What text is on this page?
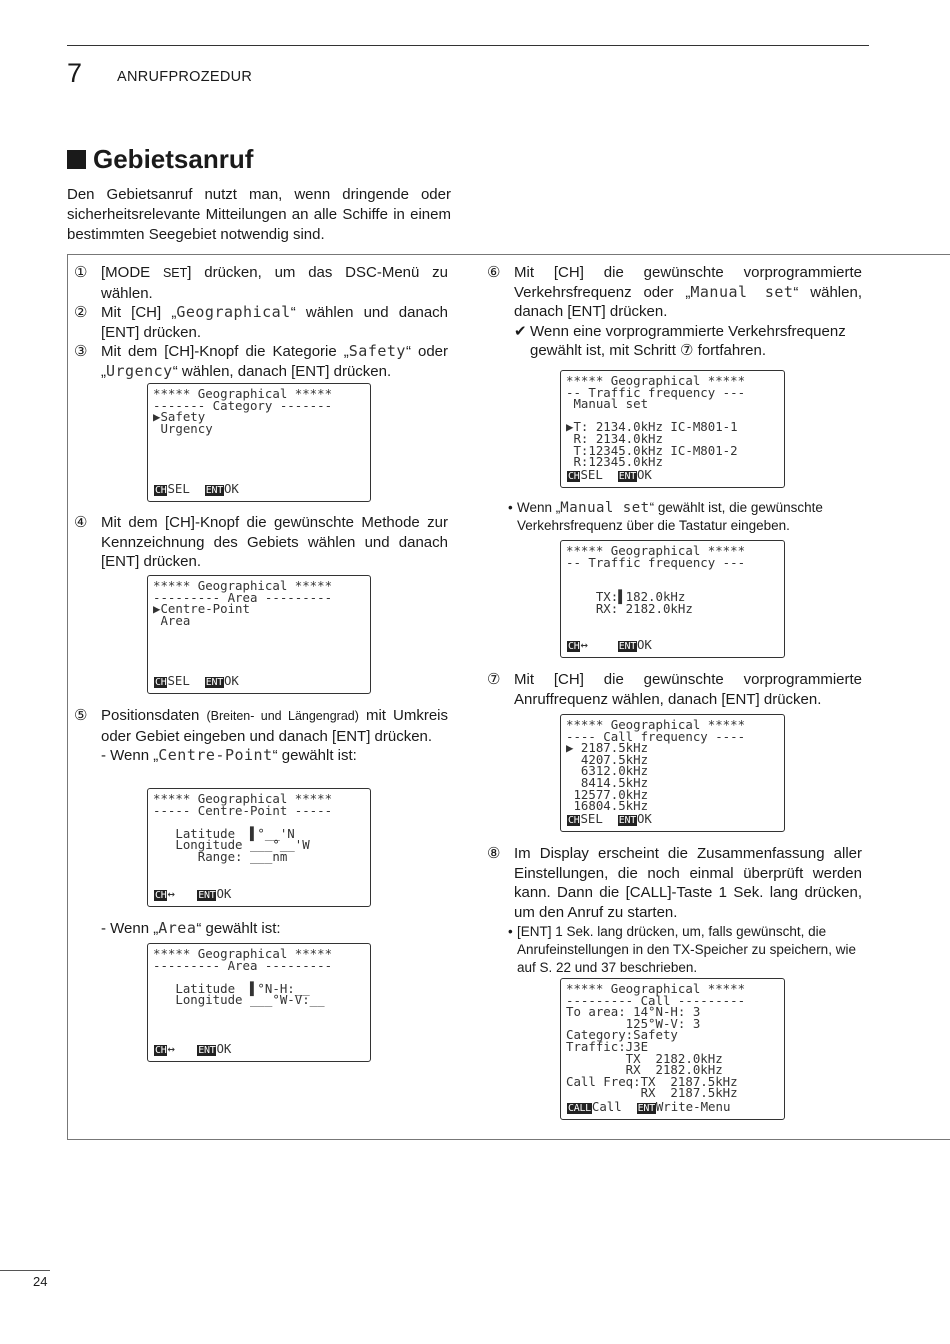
7 ANRUFPROZEDUR
Gebietsanruf
Den Gebietsanruf nutzt man, wenn dringende oder sicherheitsrelevante Mitteilungen an alle Schiffe in einem bestimmten Seegebiet notwendig sind.
① [MODE SET] drücken, um das DSC-Menü zu wählen.
② Mit [CH] „Geographical“ wählen und danach [ENT] drücken.
③ Mit dem [CH]-Knopf die Kategorie „Safety“ oder „Urgency“ wählen, danach [ENT] drücken.
***** Geographical *****
------- Category -------
▶Safety
Urgency
CHSEL  ENTOK
④ Mit dem [CH]-Knopf die gewünschte Methode zur Kennzeichnung des Gebiets wählen und danach [ENT] drücken.
***** Geographical *****
--------- Area ---------
▶Centre-Point
Area
CHSEL  ENTOK
⑤ Positionsdaten (Breiten- und Längengrad) mit Umkreis oder Gebiet eingeben und danach [ENT] drücken.
- Wenn „Centre-Point“ gewählt ist:
***** Geographical *****
----- Centre-Point -----

Latitude  ▌°__'N
Longitude ___°__'W
Range: ___nm
CH↔   ENTOK
- Wenn „Area“ gewählt ist:
***** Geographical *****
--------- Area ---------

Latitude  ▌°N-H:__
Longitude ___°W-V:__
CH↔   ENTOK
⑥ Mit [CH] die gewünschte vorprogrammierte Verkehrsfrequenz oder „Manual set“ wählen, danach [ENT] drücken.
✔ Wenn eine vorprogrammierte Verkehrsfrequenz gewählt ist, mit Schritt ⑦ fortfahren.
***** Geographical *****
-- Traffic frequency ---
Manual set

▶T: 2134.0kHz IC-M801-1
R: 2134.0kHz
T:12345.0kHz IC-M801-2
R:12345.0kHz
CHSEL  ENTOK
• Wenn „Manual set“ gewählt ist, die gewünschte Verkehrsfrequenz über die Tastatur eingeben.
***** Geographical *****
-- Traffic frequency ---

TX:▌182.0kHz
RX: 2182.0kHz
CH↔    ENTOK
⑦ Mit [CH] die gewünschte vorprogrammierte Anruffrequenz wählen, danach [ENT] drücken.
***** Geographical *****
---- Call frequency ----
▶ 2187.5kHz
4207.5kHz
6312.0kHz
8414.5kHz
12577.0kHz
16804.5kHz
CHSEL  ENTOK
⑧ Im Display erscheint die Zusammenfassung aller Einstellungen, die noch einmal überprüft werden kann. Dann die [CALL]-Taste 1 Sek. lang drücken, um den Anruf zu starten.
• [ENT] 1 Sek. lang drücken, um, falls gewünscht, die Anrufeinstellungen in den TX-Speicher zu speichern, wie auf S. 22 und 37 beschrieben.
***** Geographical *****
--------- Call ---------
To area: 14°N-H: 3
125°W-V: 3
Category:Safety
Traffic:J3E
TX  2182.0kHz
RX  2182.0kHz
Call Freq:TX  2187.5kHz
RX  2187.5kHz
CALLCall  ENTWrite-Menu
24
